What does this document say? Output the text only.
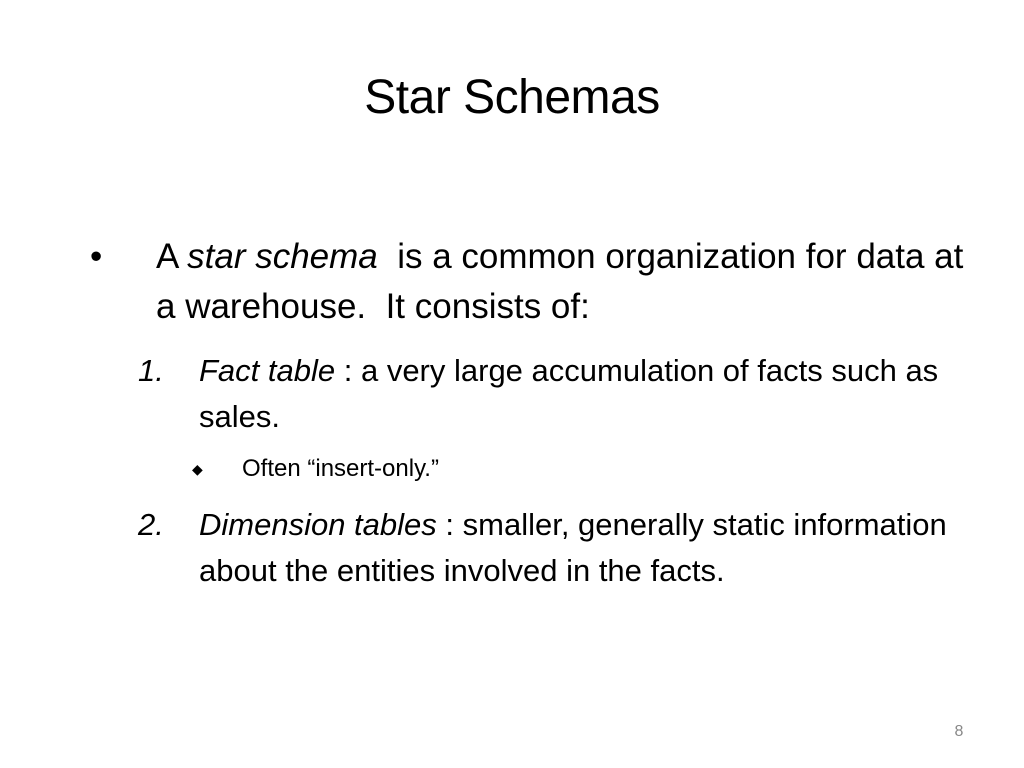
Star Schemas
• A star schema  is a common organization for data at a warehouse.  It consists of:
1. Fact table : a very large accumulation of facts such as sales.
◆ Often “insert-only.”
2. Dimension tables : smaller, generally static information about the entities involved in the facts.
8
